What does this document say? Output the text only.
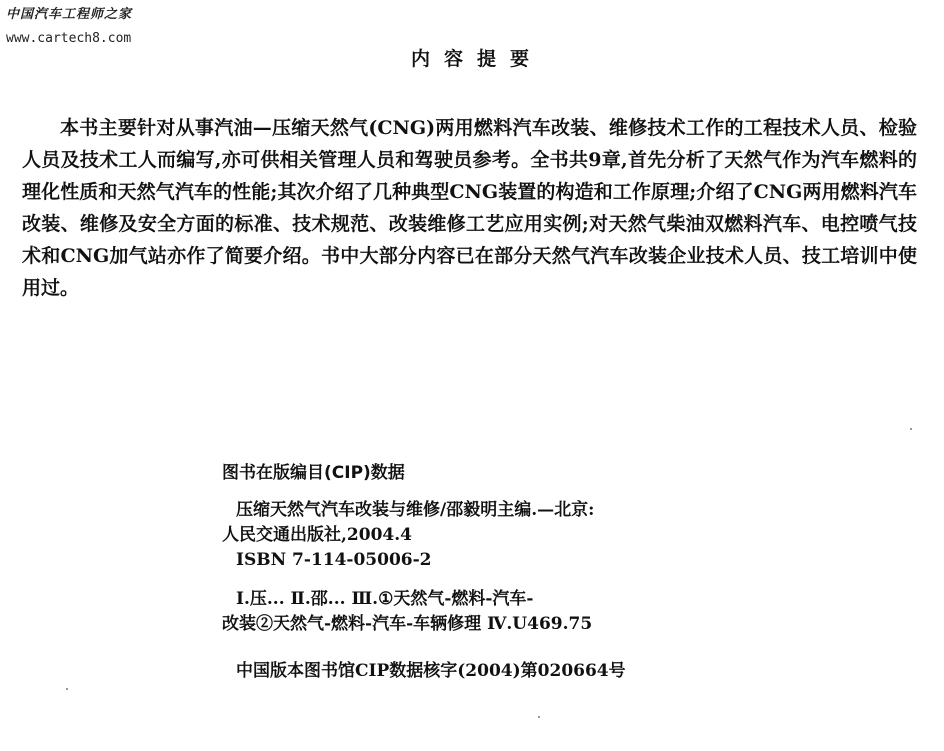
中国汽车工程师之家
www.cartech8.com
内容提要
本书主要针对从事汽油—压缩天然气(CNG)两用燃料汽车改装、维修技术工作的工程技术人员、检验人员及技术工人而编写,亦可供相关管理人员和驾驶员参考。全书共9章,首先分析了天然气作为汽车燃料的理化性质和天然气汽车的性能;其次介绍了几种典型CNG装置的构造和工作原理;介绍了CNG两用燃料汽车改装、维修及安全方面的标准、技术规范、改装维修工艺应用实例;对天然气柴油双燃料汽车、电控喷气技术和CNG加气站亦作了简要介绍。书中大部分内容已在部分天然气汽车改装企业技术人员、技工培训中使用过。
图书在版编目(CIP)数据
压缩天然气汽车改装与维修/邵毅明主编.—北京:
人民交通出版社,2004.4
ISBN 7-114-05006-2
Ⅰ.压... Ⅱ.邵... Ⅲ.①天然气-燃料-汽车-
改装②天然气-燃料-汽车-车辆修理 Ⅳ.U469.75
中国版本图书馆CIP数据核字(2004)第020664号
